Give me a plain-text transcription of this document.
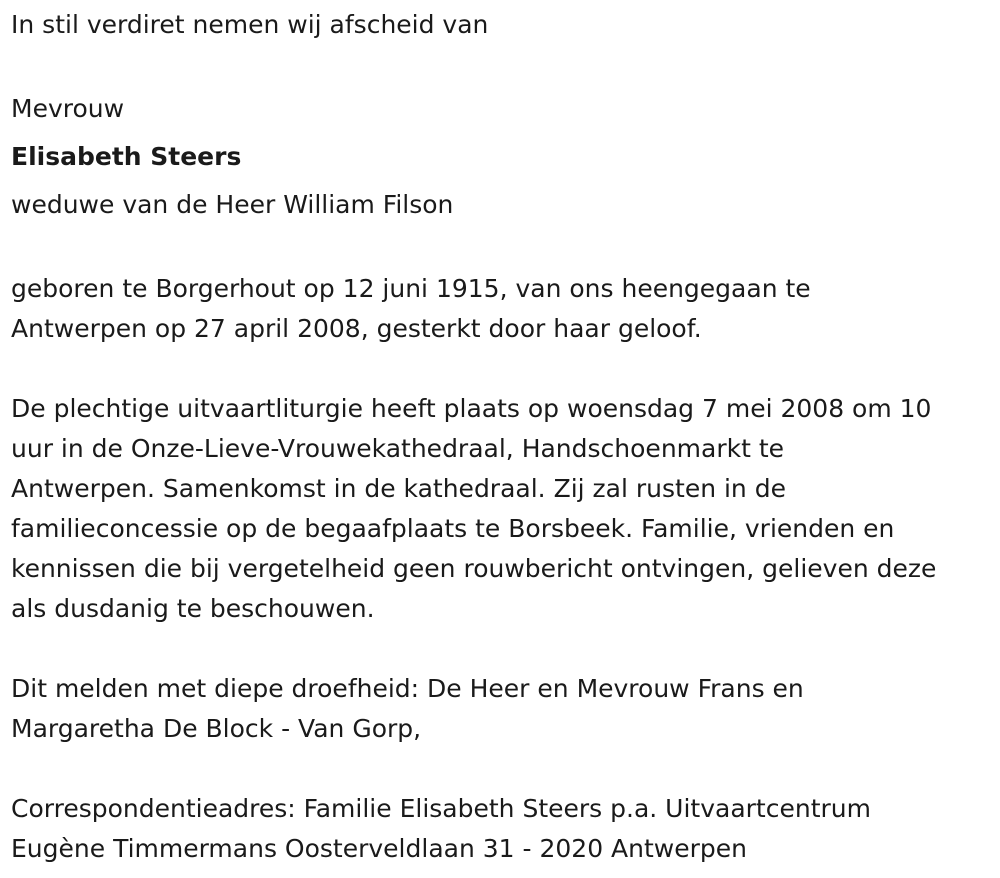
In stil verdiret nemen wij afscheid van
Mevrouw
Elisabeth Steers
weduwe van de Heer William Filson
geboren te Borgerhout op 12 juni 1915, van ons heengegaan te
Antwerpen op 27 april 2008, gesterkt door haar geloof.
De plechtige uitvaartliturgie heeft plaats op woensdag 7 mei 2008 om 10
uur in de Onze-Lieve-Vrouwekathedraal, Handschoenmarkt te
Antwerpen. Samenkomst in de kathedraal. Zij zal rusten in de
familieconcessie op de begaafplaats te Borsbeek. Familie, vrienden en
kennissen die bij vergetelheid geen rouwbericht ontvingen, gelieven deze
als dusdanig te beschouwen.
Dit melden met diepe droefheid: De Heer en Mevrouw Frans en
Margaretha De Block - Van Gorp,
Correspondentieadres: Familie Elisabeth Steers p.a. Uitvaartcentrum
Eugène Timmermans Oosterveldlaan 31 - 2020 Antwerpen
